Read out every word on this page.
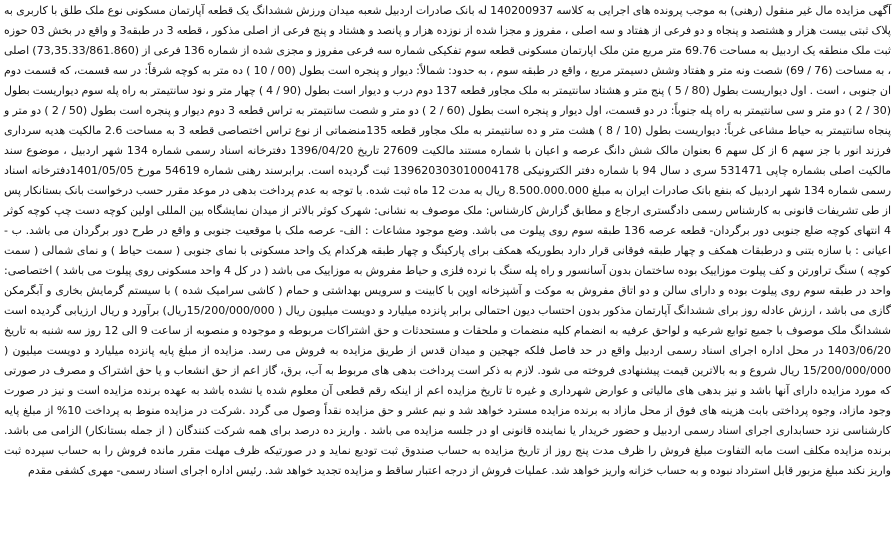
آگهی مزایده مال غیر منقول (رهنی) به موجب پرونده های اجرایی به کلاسه 140200937 له بانک صادرات اردبیل شعبه میدان ورزش ششدانگ یک قطعه آپارتمان مسکونی نوع ملک طلق با کاربری به پلاک ثبتی بیست هزار و هشتصد و پنجاه و دو فرعی از هفتاد و سه اصلی ، مفروز و مجزا شده از نوزده هزار و پانصد و هشتاد و پنج فرعی از اصلی مذکور ، قطعه 3 در طبقه3 و واقع در بخش 03 حوزه ثبت ملک منطقه یک اردبیل به مساحت 69.76 متر مربع متن ملک اپارتمان مسکونی قطعه سوم تفکیکی شماره سه فرعی مفروز و مجزی شده از شماره 136 فرعی از (73,35.33/861.860) اصلی ، به مساحت (76 / 69) شصت ونه متر و هفتاد وشش دسیمتر مربع ، واقع در طبقه سوم ، به حدود: شمالاً: دیوار و پنجره است بطول (00 / 10 ) ده متر به کوچه شرقاً: در سه قسمت، که قسمت دوم ان جنوبی ، است . اول دیواریست بطول (80 / 5 ) پنج متر و هشتاد سانتیمتر به ملک مجاور قطعه 137 دوم درب و دیوار است بطول (90 / 4 ) چهار متر و نود سانتیمتر به راه پله سوم دیواریست بطول (30 / 2 ) دو متر و سی سانتیمتر به راه پله جنوباً: در دو قسمت، اول دیوار و پنجره است بطول (60 / 2 ) دو متر و شصت سانتیمتر به تراس قطعه 3 دوم دیوار و پنجره است بطول (50 / 2 ) دو متر و پنجاه سانتیمتر به حیاط مشاعی غرباً: دیواریست بطول (10 / 8 ) هشت متر و ده سانتیمتر به ملک مجاور قطعه 135منضماتی از نوع تراس اختصاصی قطعه 3 به مساحت 2.6 مالکیت هدیه سرداری فرزند انور با جز سهم 6 از کل سهم 6 بعنوان مالک شش دانگ عرصه و اعیان با شماره مستند مالکیت 27609 تاریخ 1396/04/20 دفترخانه اسناد رسمی شماره 134 شهر اردبیل ، موضوع سند مالکیت اصلی بشماره چاپی 531471 سری د سال 94 با شماره دفتر الکترونیکی 139620303010004178 ثبت گردیده است. برابرسند رهنی شماره 54619 مورخ 1401/05/05دفترخانه اسناد رسمی شماره 134 شهر اردبیل که بنفع بانک صادرات ایران به مبلغ 8.500.000.000 ریال به مدت 12 ماه ثبت شده. با توجه به عدم پرداخت بدهی در موعد مقرر حسب درخواست بانک بستانکار پس از طی تشریفات قانونی به کارشناس رسمی دادگستری ارجاع و مطابق گزارش کارشناس: ملک موصوف به نشانی: شهرک کوثر بالاتر از میدان نمایشگاه بین المللی اولین کوچه دست چپ کوچه کوثر 4 انتهای کوچه ضلع جنوبی دور برگردان- قطعه عرصه 136 طبقه سوم روی پیلوت می باشد. وضع موجود مشاعات : الف- عرصه ملک با موقعیت جنوبی و واقع در طرح دور برگردان می باشد. ب - اعیانی : با سازه بتنی و درطبقات همکف و چهار طبقه فوقانی قرار دارد بطوریکه همکف برای پارکینگ و چهار طبقه هرکدام یک واحد مسکونی با نمای جنوبی ( سمت حیاط ) و نمای شمالی ( سمت کوچه ) سنگ تراورتن و کف پیلوت موزاییک بوده ساختمان بدون آسانسور و راه پله سنگ با نرده فلزی و حیاط مفروش به موزاییک می باشد ( در کل 4 واحد مسکونی روی پیلوت می باشد ) اختصاصی: واحد در طبقه سوم روی پیلوت بوده و دارای سالن و دو اتاق مفروش به موکت و آشپزخانه اوپن با کابینت و سرویس بهداشتی و حمام ( کاشی سرامیک شده ) با سیستم گرمایش بخاری و آبگرمکن گازی می باشد ، ارزش عادله روز برای ششدانگ آپارتمان مذکور بدون احتساب دیون احتمالی برابر پانزده میلیارد و دویست میلیون ریال ( 15/200/000/000ریال) برآورد و ریال ارزیابی گردیده است ششدانگ ملک موصوف با جمیع توابع شرعیه و لواحق عرفیه به انضمام کلیه منضمات و ملحقات و مستحدثات و حق اشتراکات مربوطه و موجوده و منصوبه از ساعت 9 الی 12 روز سه شنبه به تاریخ 1403/06/20 در محل اداره اجرای اسناد رسمی اردبیل واقع در حد فاصل فلکه جهجین و میدان قدس از طریق مزایده به فروش می رسد. مزایده از مبلغ پایه پانزده میلیارد و دویست میلیون ( 15/200/000/000 ریال شروع و به بالاترین قیمت پیشنهادی فروخته می شود. لازم به ذکر است پرداخت بدهی های مربوط به آب، برق، گاز اعم از حق انشعاب و یا حق اشتراک و مصرف در صورتی که مورد مزایده دارای آنها باشد و نیز بدهی های مالیاتی و عوارض شهرداری و غیره تا تاریخ مزایده اعم از اینکه رقم قطعی آن معلوم شده یا نشده باشد به عهده برنده مزایده است و نیز در صورت وجود مازاد، وجوه پرداختی بابت هزینه های فوق از محل مازاد به برنده مزایده مسترد خواهد شد و نیم عشر و حق مزایده نقداً وصول می گردد .شرکت در مزایده منوط به پرداخت 10% از مبلغ پایه کارشناسی نزد حسابداری اجرای اسناد رسمی اردبیل و حضور خریدار یا نماینده قانونی او در جلسه مزایده می باشد . واریز ده درصد برای همه شرکت کنندگان ( از جمله بستانکار) الزامی می باشد. برنده مزایده مکلف است مابه التفاوت مبلغ فروش را ظرف مدت پنج روز از تاریخ مزایده به حساب صندوق ثبت تودیع نماید و در صورتیکه ظرف مهلت مقرر مانده فروش را به حساب سپرده ثبت واریز نکند مبلغ مزبور قابل استرداد نبوده و به حساب خزانه واریز خواهد شد. عملیات فروش از درجه اعتبار ساقط و مزایده تجدید خواهد شد. رئیس اداره اجرای اسناد رسمی- مهری کشفی مقدم
